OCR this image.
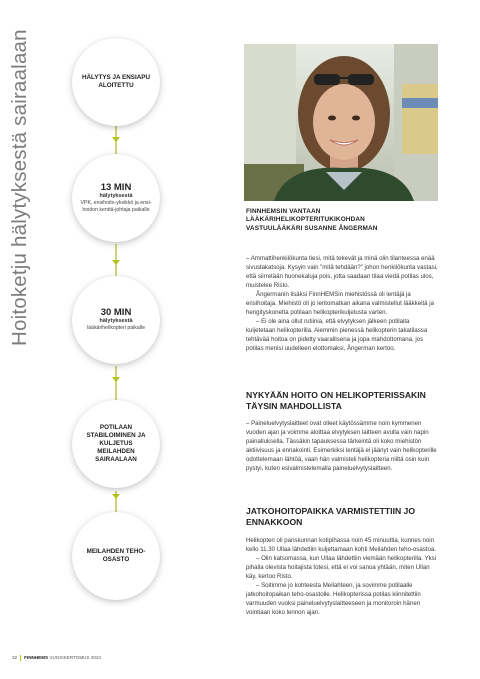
Hoitoketju hälytyksestä sairaalaan	HÄLYTYS JA ENSIAPU ALOITETTU
13 MIN
hälytyksestä
VPK, ensihoito-yksikkö ja ensi-hoidon kenttä-johtaja paikalle
30 MIN
hälytyksestä
lääkärihelikopteri paikalle
POTILAAN STABILOIMINEN JA KULJETUS MEILAHDEN SAIRAALAAN
MEILAHDEN TEHO-OSASTO
FINNHEMSIN VANTAAN
LÄÄKÄRIHELIKOPTERITUKIKOHDAN
VASTUULÄÄKÄRI SUSANNE ÅNGERMAN

– Ammattihenkilökunta tiesi, mitä tekevät ja minä olin tilanteessa enää sivustakatsoja. Kysyin vain ”mitä tehdään?” johon henkilökunta vastasi, että siirretään huonekaluja pois, jotta saadaan tilaa viedä potilas ulos, muistelee Risto.

Ångermanin lisäksi FinnHEMSin miehistössä oli lentäjä ja ensihoitaja. Miehistö oli jo lentomatkan aikana valmistellut lääkkeitä ja hengityskonetta potilaan helikopterikuljetusta varten.

– Ei ole aina ollut rutiinia, että elvytyksen jälkeen potilaita kuljetetaan helikopterilla. Aiemmin pienessä helikopterin takatilassa tehtävää hoitoa on pidetty vaarallisena ja jopa mahdottomana, jos potilas menisi uudelleen elottomaksi, Ångerman kertoo.

NYKYÄÄN HOITO ON HELIKOPTERISSAKIN TÄYSIN MAHDOLLISTA

– Paineluelvytyslaitteet ovat olleet käytössämme noin kymmenen vuoden ajan ja voimme aloittaa elvytyksen laitteen avulla vain napin painalluksella. Tässäkin tapauksessa tärkeintä oli koko miehistön aktiivisuus ja ennakointi. Esimerkiksi lentäjä ei jäänyt vain helikopterille odottelemaan lähtöä, vaan hän valmisteli helikopteria niiltä osin kuin pystyi, kuten esivalmistelemalla paineluelvytyslaitteen.

JATKOHOITOPAIKKA VARMISTETTIIN JO ENNAKKOON

Helikopteri oli pariskunnan kotipihassa noin 45 minuuttia, kunnes noin kello 11.30 Ullaa lähdettiin kuljettamaan kohti Meilahden teho-osastoa.

– Olin katsomassa, kun Ullaa lähdettiin viemään helikopterilla. Yksi pihalla olevista hoitajista totesi, että ei voi sanoa yhtään, miten Ullan käy, kertoo Risto.

– Soitimme jo kohteesta Meilahteen, ja sovimme potilaalle jatkohoitopaikan teho-osastolle. Helikopterissa potilas kiinnitettiin varmuuden vuoksi paineluelvytyslaitteeseen ja monitoroin hänen vointiaan koko lennon ajan.

32 FINNHEMS VUOSIKERTOMUS 2024
